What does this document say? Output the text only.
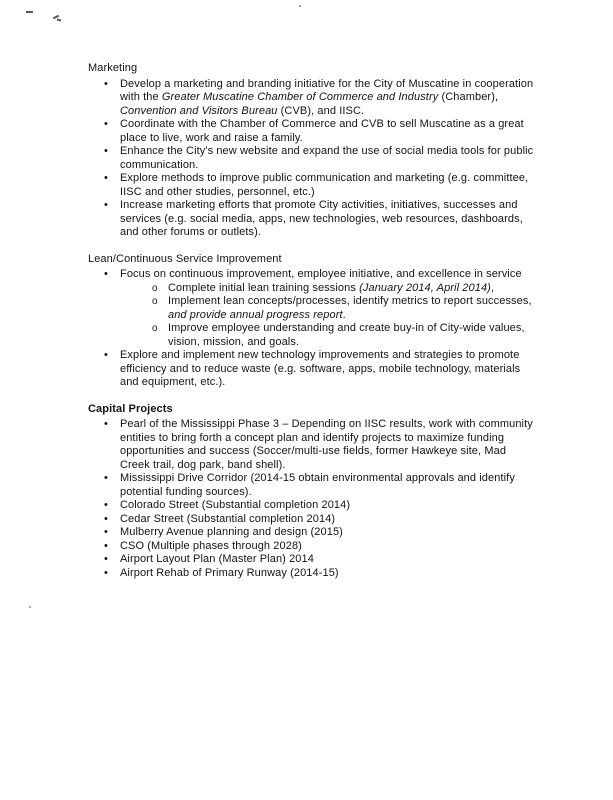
Marketing
•	Develop a marketing and branding initiative for the City of Muscatine in cooperation with the Greater Muscatine Chamber of Commerce and Industry (Chamber), Convention and Visitors Bureau (CVB), and IISC.
•	Coordinate with the Chamber of Commerce and CVB to sell Muscatine as a great place to live, work and raise a family.
•	Enhance the City's new website and expand the use of social media tools for public communication.
•	Explore methods to improve public communication and marketing (e.g. committee, IISC and other studies, personnel, etc.)
•	Increase marketing efforts that promote City activities, initiatives, successes and services (e.g. social media, apps, new technologies, web resources, dashboards, and other forums or outlets).
Lean/Continuous Service Improvement
•	Focus on continuous improvement, employee initiative, and excellence in service
o Complete initial lean training sessions (January 2014, April 2014),
o Implement lean concepts/processes, identify metrics to report successes, and provide annual progress report.
o Improve employee understanding and create buy-in of City-wide values, vision, mission, and goals.
•	Explore and implement new technology improvements and strategies to promote efficiency and to reduce waste (e.g. software, apps, mobile technology, materials and equipment, etc.).
Capital Projects
•	Pearl of the Mississippi Phase 3 – Depending on IISC results, work with community entities to bring forth a concept plan and identify projects to maximize funding opportunities and success (Soccer/multi-use fields, former Hawkeye site, Mad Creek trail, dog park, band shell).
•	Mississippi Drive Corridor (2014-15 obtain environmental approvals and identify potential funding sources).
•	Colorado Street (Substantial completion 2014)
•	Cedar Street (Substantial completion 2014)
•	Mulberry Avenue planning and design (2015)
•	CSO (Multiple phases through 2028)
•	Airport Layout Plan (Master Plan) 2014
•	Airport Rehab of Primary Runway (2014-15)
